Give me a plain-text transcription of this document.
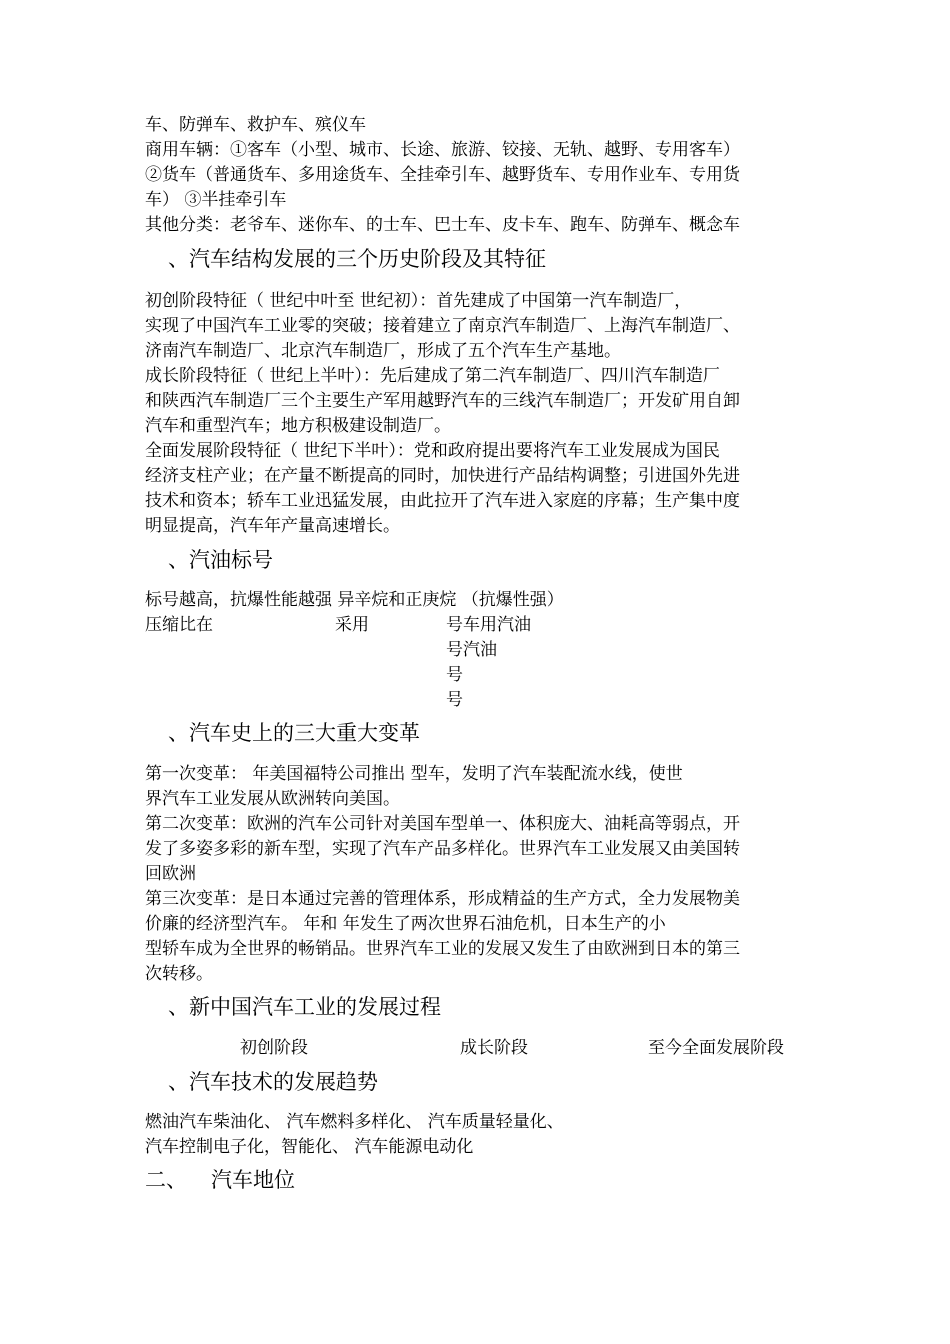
车、防弹车、救护车、殡仪车
商用车辆：①客车（小型、城市、长途、旅游、铰接、无轨、越野、专用客车）
②货车（普通货车、多用途货车、全挂牵引车、越野货车、专用作业车、专用货
车） ③半挂牵引车
其他分类：老爷车、迷你车、的士车、巴士车、皮卡车、跑车、防弹车、概念车
、汽车结构发展的三个历史阶段及其特征
初创阶段特征（ 世纪中叶至 世纪初）：首先建成了中国第一汽车制造厂，
实现了中国汽车工业零的突破；接着建立了南京汽车制造厂、上海汽车制造厂、
济南汽车制造厂、北京汽车制造厂，形成了五个汽车生产基地。
成长阶段特征（ 世纪上半叶）：先后建成了第二汽车制造厂、四川汽车制造厂
和陕西汽车制造厂三个主要生产军用越野汽车的三线汽车制造厂；开发矿用自卸
汽车和重型汽车；地方积极建设制造厂。
全面发展阶段特征（ 世纪下半叶）：党和政府提出要将汽车工业发展成为国民
经济支柱产业；在产量不断提高的同时，加快进行产品结构调整；引进国外先进
技术和资本；轿车工业迅猛发展，由此拉开了汽车进入家庭的序幕；生产集中度
明显提高，汽车年产量高速增长。
、汽油标号
标号越高，抗爆性能越强 异辛烷和正庚烷 （抗爆性强）
压缩比在	采用	号车用汽油
号汽油
号
号
、汽车史上的三大重大变革
第一次变革： 年美国福特公司推出 型车，发明了汽车装配流水线，使世
界汽车工业发展从欧洲转向美国。
第二次变革：欧洲的汽车公司针对美国车型单一、体积庞大、油耗高等弱点，开
发了多姿多彩的新车型，实现了汽车产品多样化。世界汽车工业发展又由美国转
回欧洲
第三次变革：是日本通过完善的管理体系，形成精益的生产方式，全力发展物美
价廉的经济型汽车。 年和 年发生了两次世界石油危机，日本生产的小
型轿车成为全世界的畅销品。世界汽车工业的发展又发生了由欧洲到日本的第三
次转移。
、新中国汽车工业的发展过程
初创阶段	成长阶段	至今全面发展阶段
、汽车技术的发展趋势
燃油汽车柴油化、 汽车燃料多样化、 汽车质量轻量化、
汽车控制电子化，智能化、 汽车能源电动化
二、 汽车地位
